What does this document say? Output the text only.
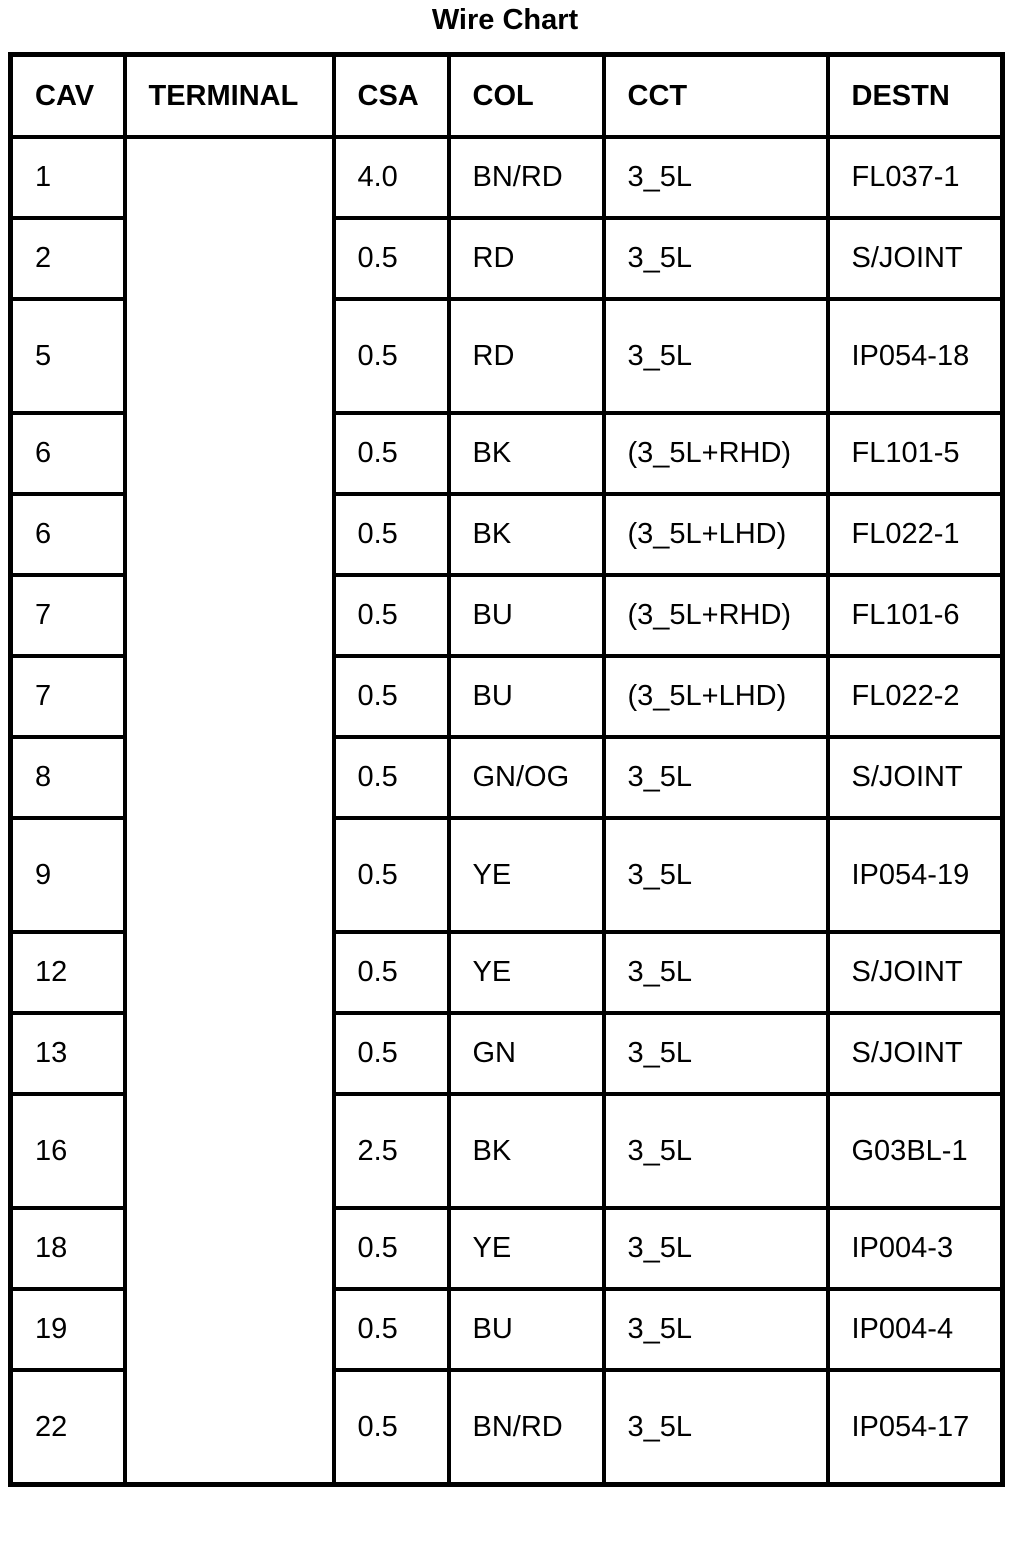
Wire Chart
CAV	TERMINAL	CSA	COL	CCT	DESTN
1		4.0	BN/RD	3_5L	FL037-1

2		0.5	RD	3_5L	S/JOINT

5		0.5	RD	3_5L	IP054-18

6		0.5	BK	(3_5L+RHD)	FL101-5

6		0.5	BK	(3_5L+LHD)	FL022-1

7		0.5	BU	(3_5L+RHD)	FL101-6

7		0.5	BU	(3_5L+LHD)	FL022-2

8		0.5	GN/OG	3_5L	S/JOINT

9		0.5	YE	3_5L	IP054-19

12		0.5	YE	3_5L	S/JOINT

13		0.5	GN	3_5L	S/JOINT

16		2.5	BK	3_5L	G03BL-1

18		0.5	YE	3_5L	IP004-3

19		0.5	BU	3_5L	IP004-4

22		0.5	BN/RD	3_5L	IP054-17
